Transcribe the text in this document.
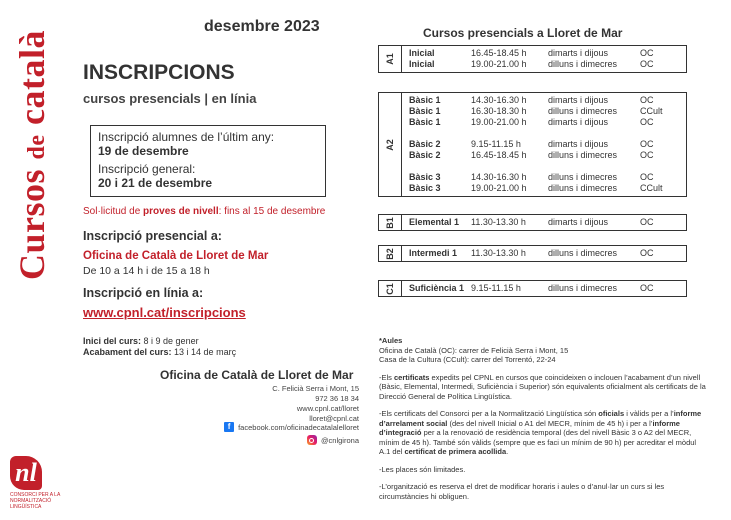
Cursos de català
desembre 2023
INSCRIPCIONS
cursos presencials | en línia
Inscripció alumnes de l’últim any:
19 de desembre
Inscripció general:
20 i 21 de desembre
Sol·licitud de proves de nivell: fins al 15 de desembre
Inscripció presencial a:
Oficina de Català de Lloret de Mar
De 10 a 14 h i de 15 a 18 h
Inscripció en línia a:
www.cpnl.cat/inscripcions
Inici del curs: 8 i 9 de gener
Acabament del curs: 13 i 14 de març
Oficina de Català de Lloret de Mar
C. Felicià Serra i Mont, 15
972 36 18 34
www.cpnl.cat/lloret
lloret@cpnl.cat
f	facebook.com/oficinadecatalalelloret
@cnlgirona
nl
CONSORCI PER A LA
NORMALITZACIÓ
LINGÜÍSTICA
Cursos presencials a Lloret de Mar
A1
Inicial	16.45-18.45 h	dimarts i dijous	OC
Inicial	19.00-21.00 h	dilluns i dimecres	OC
A2
Bàsic 1	14.30-16.30 h	dimarts i dijous	OC
Bàsic 1	16.30-18.30 h	dilluns i dimecres	CCult
Bàsic 1	19.00-21.00 h	dimarts i dijous	OC
Bàsic 2	9.15-11.15 h	dimarts i dijous	OC
Bàsic 2	16.45-18.45 h	dilluns i dimecres	OC
Bàsic 3	14.30-16.30 h	dilluns i dimecres	OC
Bàsic 3	19.00-21.00 h	dilluns i dimecres	CCult
B1 Elemental 1	11.30-13.30 h	dimarts i dijous	OC
B2 Intermedi 1	11.30-13.30 h	dilluns i dimecres	OC
C1 Suficiència 1 9.15-11.15 h	dilluns i dimecres	OC

*Aules

Oficina de Català (OC): carrer de Felicià Serra i Mont, 15

Casa de la Cultura (CCult): carrer del Torrentó, 22-24

-Els certificats expedits pel CPNL en cursos que coincideixen o inclouen l’acabament d’un nivell (Bàsic, Elemental, Intermedi, Suficiència i Superior) són equivalents oficialment als certificats de la Direcció General de Política Lingüística.

-Els certificats del Consorci per a la Normalització Lingüística són oficials i vàlids per a l’informe d’arrelament social (des del nivell Inicial o A1 del MECR, mínim de 45 h) i per a l’informe d’integració per a la renovació de residència temporal (des del nivell Bàsic 3 o A2 del MECR, mínim de 45 h). També són vàlids (sempre que es faci un mínim de 90 h) per acreditar el mòdul A.1 del certificat de primera acollida.

-Les places són limitades.

-L’organització es reserva el dret de modificar horaris i aules o d’anul·lar un curs si les circumstàncies hi obliguen.
